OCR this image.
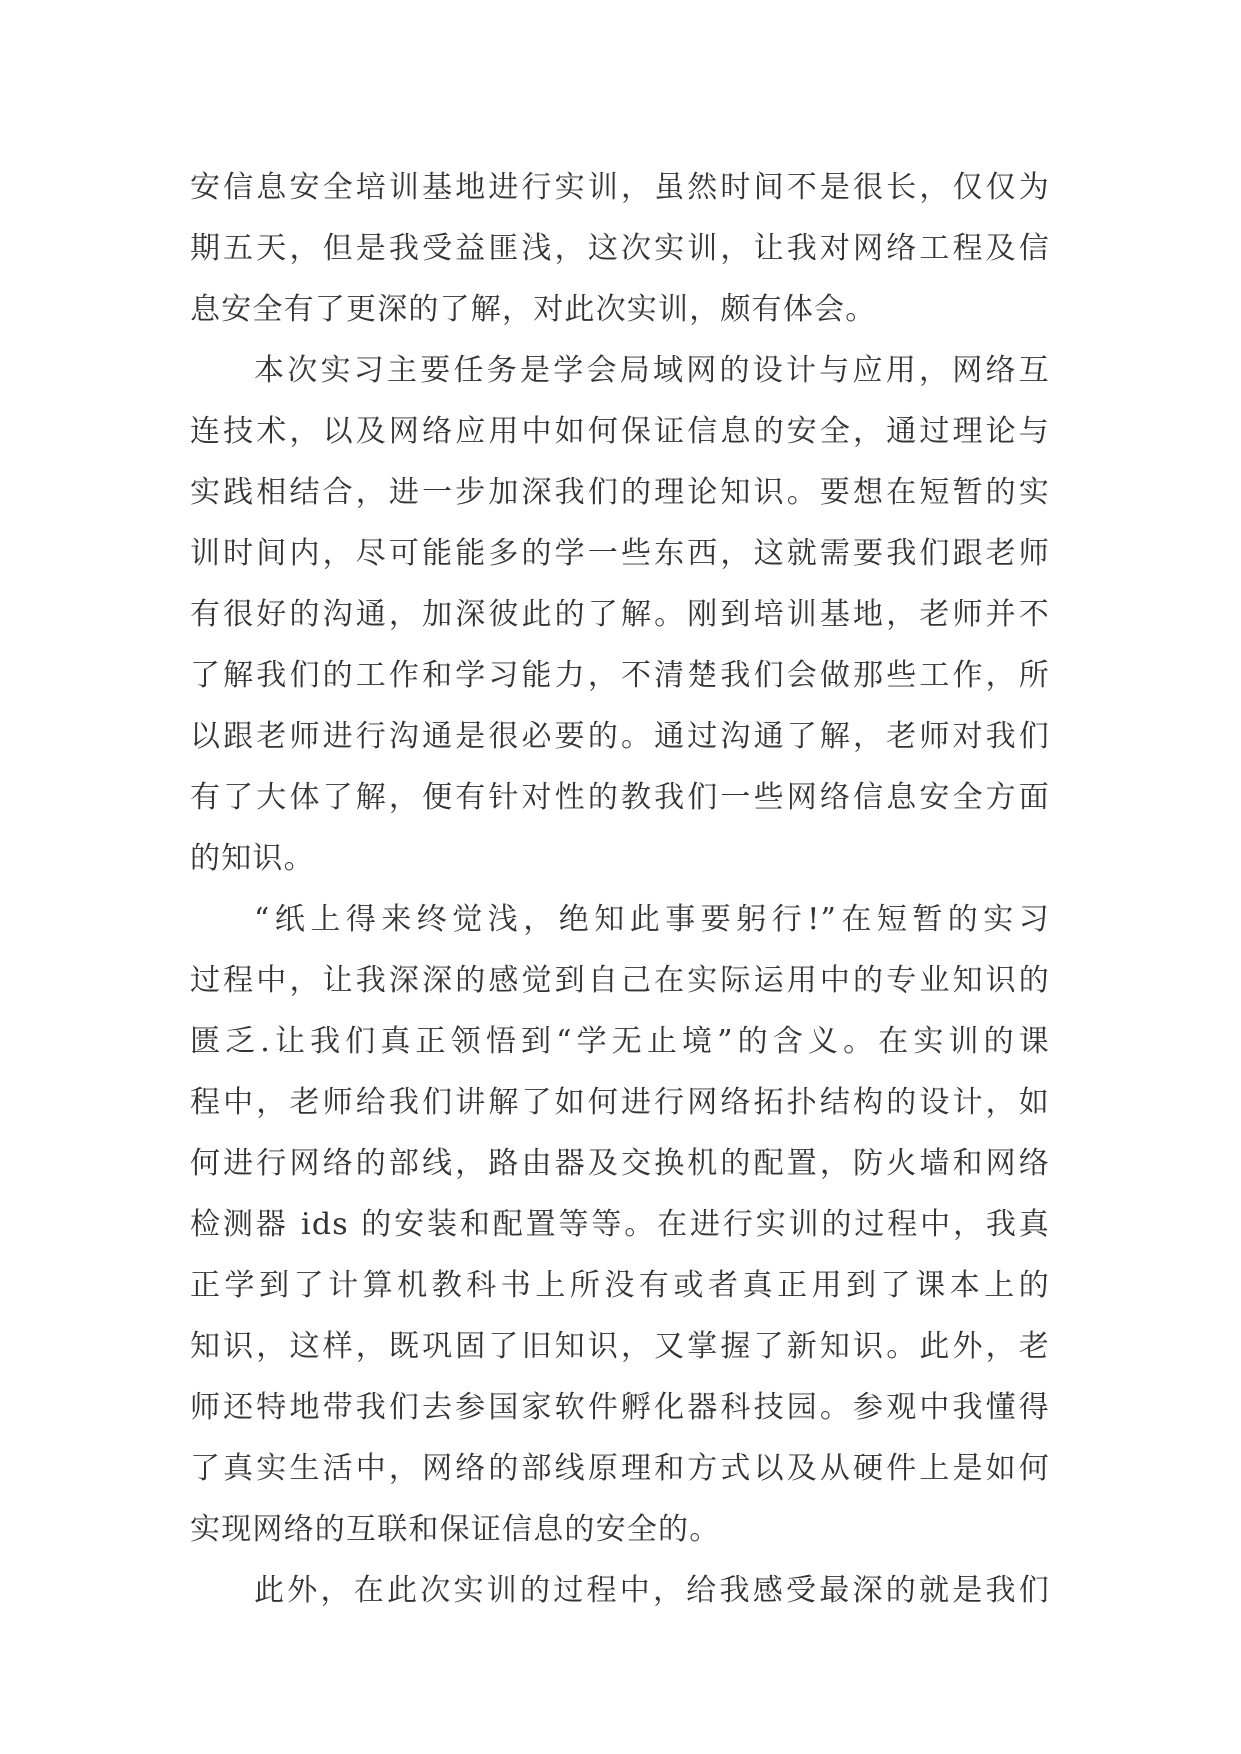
安信息安全培训基地进行实训，虽然时间不是很长，仅仅为
期五天，但是我受益匪浅，这次实训，让我对网络工程及信
息安全有了更深的了解，对此次实训，颇有体会。
本次实习主要任务是学会局域网的设计与应用，网络互
连技术，以及网络应用中如何保证信息的安全，通过理论与
实践相结合，进一步加深我们的理论知识。要想在短暂的实
训时间内，尽可能能多的学一些东西，这就需要我们跟老师
有很好的沟通，加深彼此的了解。刚到培训基地，老师并不
了解我们的工作和学习能力，不清楚我们会做那些工作，所
以跟老师进行沟通是很必要的。通过沟通了解，老师对我们
有了大体了解，便有针对性的教我们一些网络信息安全方面
的知识。
“纸上得来终觉浅，绝知此事要躬行!”在短暂的实习
过程中，让我深深的感觉到自己在实际运用中的专业知识的
匮乏.让我们真正领悟到“学无止境”的含义。在实训的课
程中，老师给我们讲解了如何进行网络拓扑结构的设计，如
何进行网络的部线，路由器及交换机的配置，防火墙和网络
检测器 ids 的安装和配置等等。在进行实训的过程中，我真
正学到了计算机教科书上所没有或者真正用到了课本上的
知识，这样，既巩固了旧知识，又掌握了新知识。此外，老
师还特地带我们去参国家软件孵化器科技园。参观中我懂得
了真实生活中，网络的部线原理和方式以及从硬件上是如何
实现网络的互联和保证信息的安全的。
此外，在此次实训的过程中，给我感受最深的就是我们
